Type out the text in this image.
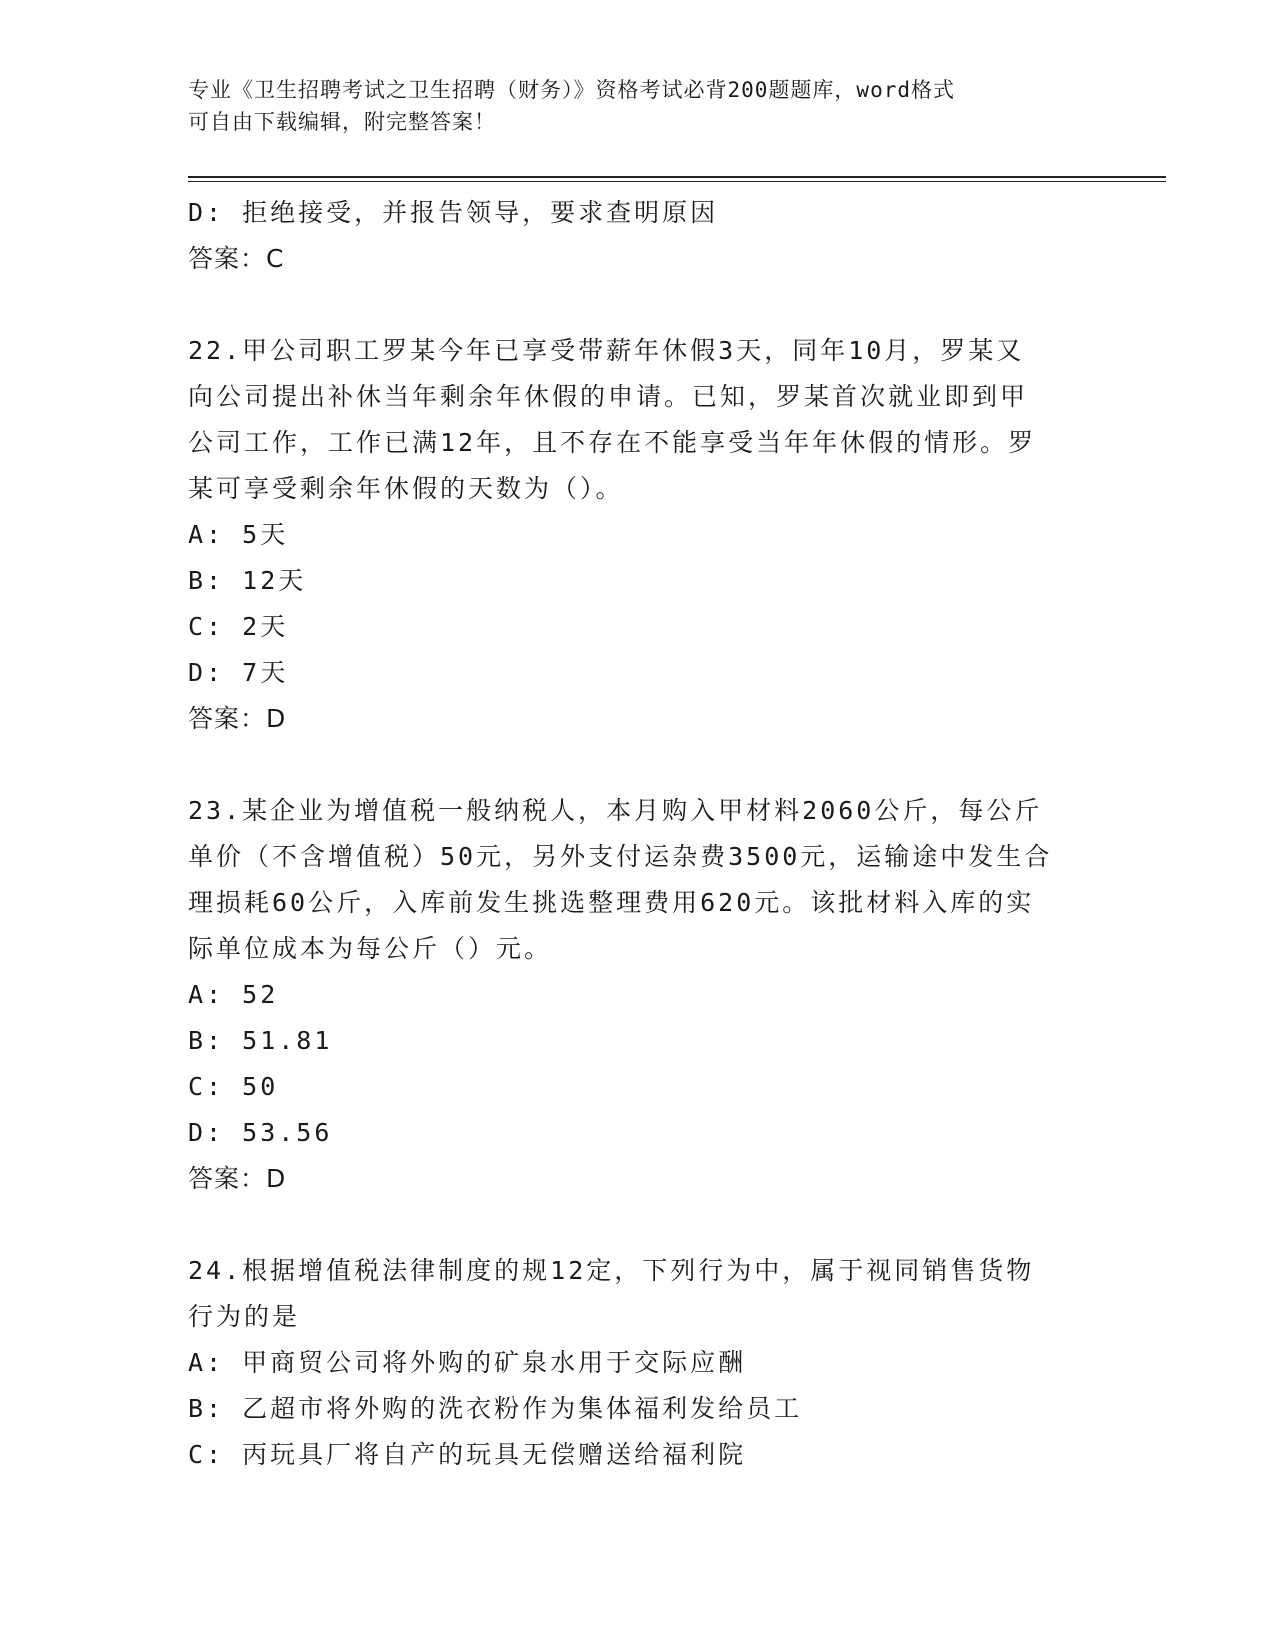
专业《卫生招聘考试之卫生招聘（财务）》资格考试必背200题题库，word格式
可自由下载编辑，附完整答案！
D: 拒绝接受，并报告领导，要求查明原因
答案：C
22.甲公司职工罗某今年已享受带薪年休假3天，同年10月，罗某又
向公司提出补休当年剩余年休假的申请。已知，罗某首次就业即到甲
公司工作，工作已满12年，且不存在不能享受当年年休假的情形。罗
某可享受剩余年休假的天数为（）。
A: 5天
B: 12天
C: 2天
D: 7天
答案：D
23.某企业为增值税一般纳税人，本月购入甲材料2060公斤，每公斤
单价（不含增值税）50元，另外支付运杂费3500元，运输途中发生合
理损耗60公斤，入库前发生挑选整理费用620元。该批材料入库的实
际单位成本为每公斤（）元。
A: 52
B: 51.81
C: 50
D: 53.56
答案：D
24.根据增值税法律制度的规12定，下列行为中，属于视同销售货物
行为的是
A: 甲商贸公司将外购的矿泉水用于交际应酬
B: 乙超市将外购的洗衣粉作为集体福利发给员工
C: 丙玩具厂将自产的玩具无偿赠送给福利院
